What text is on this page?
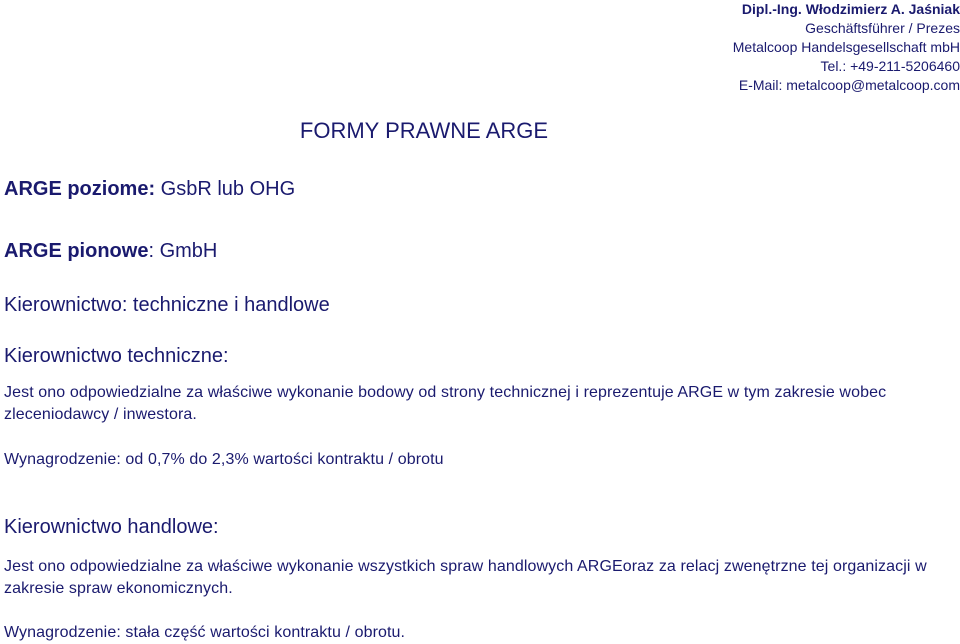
Dipl.-Ing. Włodzimierz A. Jaśniak
Geschäftsführer / Prezes
Metalcoop Handelsgesellschaft mbH
Tel.: +49-211-5206460
E-Mail: metalcoop@metalcoop.com
FORMY PRAWNE ARGE
ARGE poziome: GsbR lub OHG
ARGE pionowe: GmbH
Kierownictwo: techniczne i handlowe
Kierownictwo techniczne:
Jest ono odpowiedzialne za właściwe wykonanie bodowy od strony technicznej i reprezentuje ARGE w tym zakresie wobec zleceniodawcy / inwestora.
Wynagrodzenie: od 0,7% do 2,3% wartości kontraktu / obrotu
Kierownictwo handlowe:
Jest ono odpowiedzialne za właściwe wykonanie wszystkich spraw handlowych ARGEoraz za relacj zwenętrzne tej organizacji w zakresie spraw ekonomicznych.
Wynagrodzenie: stała część wartości kontraktu / obrotu.
